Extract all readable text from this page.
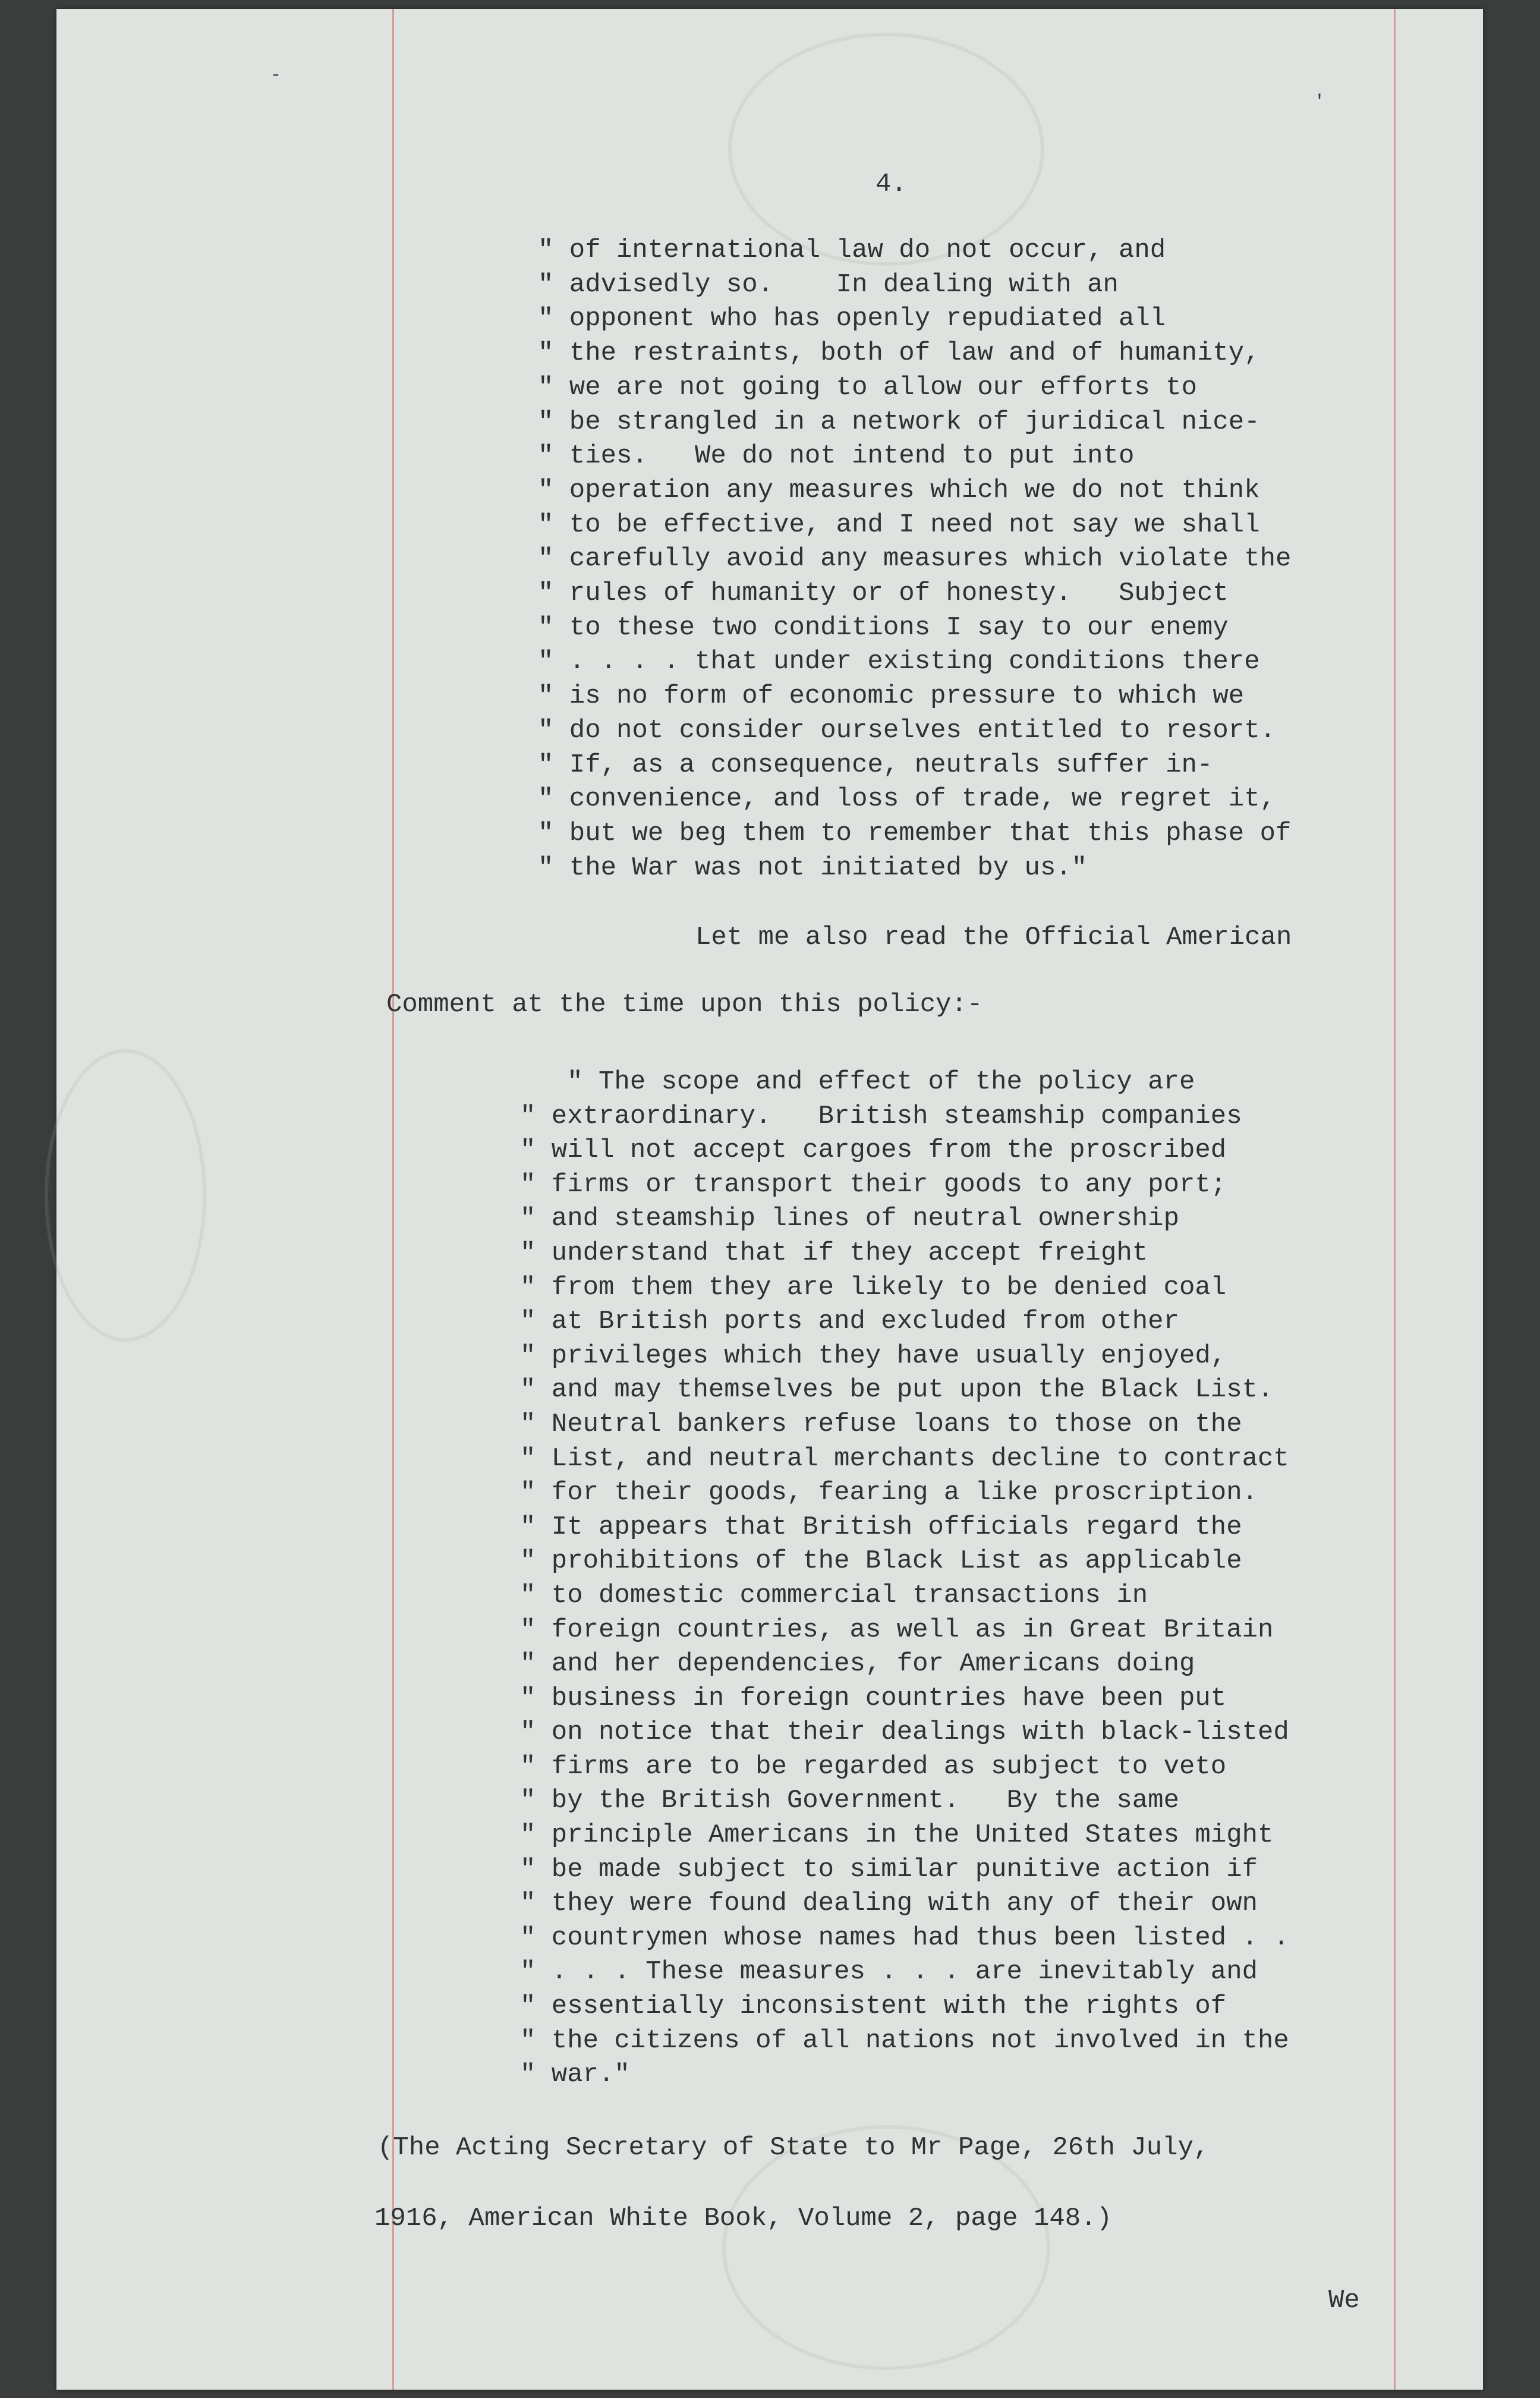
-
'
4.
" of international law do not occur, and
" advisedly so.    In dealing with an
" opponent who has openly repudiated all
" the restraints, both of law and of humanity,
" we are not going to allow our efforts to
" be strangled in a network of juridical nice-
" ties.   We do not intend to put into
" operation any measures which we do not think
" to be effective, and I need not say we shall
" carefully avoid any measures which violate the
" rules of humanity or of honesty.   Subject
" to these two conditions I say to our enemy
" . . . . that under existing conditions there
" is no form of economic pressure to which we
" do not consider ourselves entitled to resort.
" If, as a consequence, neutrals suffer in-
" convenience, and loss of trade, we regret it,
" but we beg them to remember that this phase of
" the War was not initiated by us."
Let me also read the Official American
Comment at the time upon this policy:-
" The scope and effect of the policy are
" extraordinary.   British steamship companies
" will not accept cargoes from the proscribed
" firms or transport their goods to any port;
" and steamship lines of neutral ownership
" understand that if they accept freight
" from them they are likely to be denied coal
" at British ports and excluded from other
" privileges which they have usually enjoyed,
" and may themselves be put upon the Black List.
" Neutral bankers refuse loans to those on the
" List, and neutral merchants decline to contract
" for their goods, fearing a like proscription.
" It appears that British officials regard the
" prohibitions of the Black List as applicable
" to domestic commercial transactions in
" foreign countries, as well as in Great Britain
" and her dependencies, for Americans doing
" business in foreign countries have been put
" on notice that their dealings with black-listed
" firms are to be regarded as subject to veto
" by the British Government.   By the same
" principle Americans in the United States might
" be made subject to similar punitive action if
" they were found dealing with any of their own
" countrymen whose names had thus been listed . .
" . . . These measures . . . are inevitably and
" essentially inconsistent with the rights of
" the citizens of all nations not involved in the
" war."
(The Acting Secretary of State to Mr Page, 26th July,
1916, American White Book, Volume 2, page 148.)
We
